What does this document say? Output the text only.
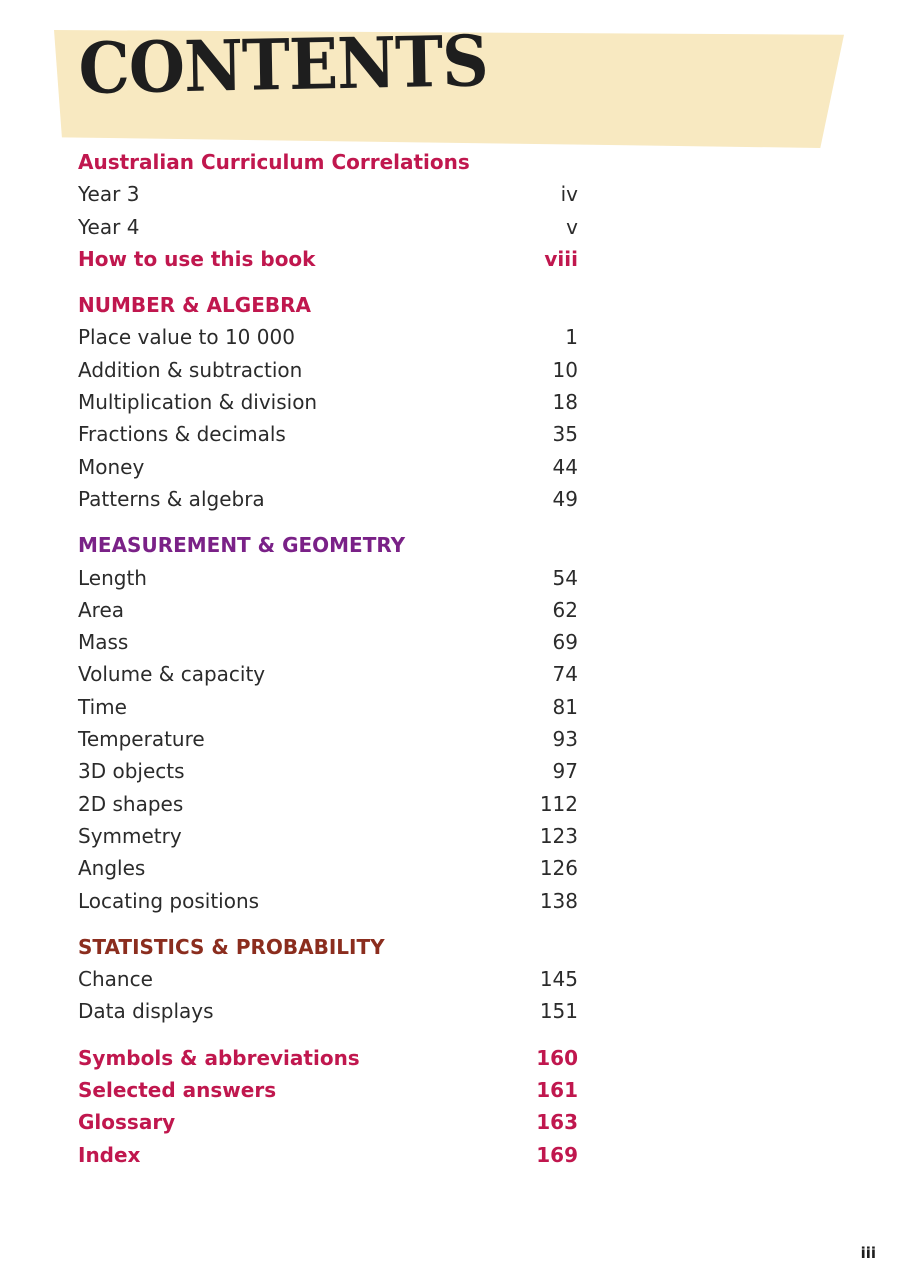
CONTENTS
Australian Curriculum Correlations
Year 3	iv
Year 4	v
How to use this book	viii
NUMBER & ALGEBRA
Place value to 10 000	1
Addition & subtraction	10
Multiplication & division	18
Fractions & decimals	35
Money	44
Patterns & algebra	49
MEASUREMENT & GEOMETRY
Length	54
Area	62
Mass	69
Volume & capacity	74
Time	81
Temperature	93
3D objects	97
2D shapes	112
Symmetry	123
Angles	126
Locating positions	138
STATISTICS & PROBABILITY
Chance	145
Data displays	151
Symbols & abbreviations	160
Selected answers	161
Glossary	163
Index	169
iii
